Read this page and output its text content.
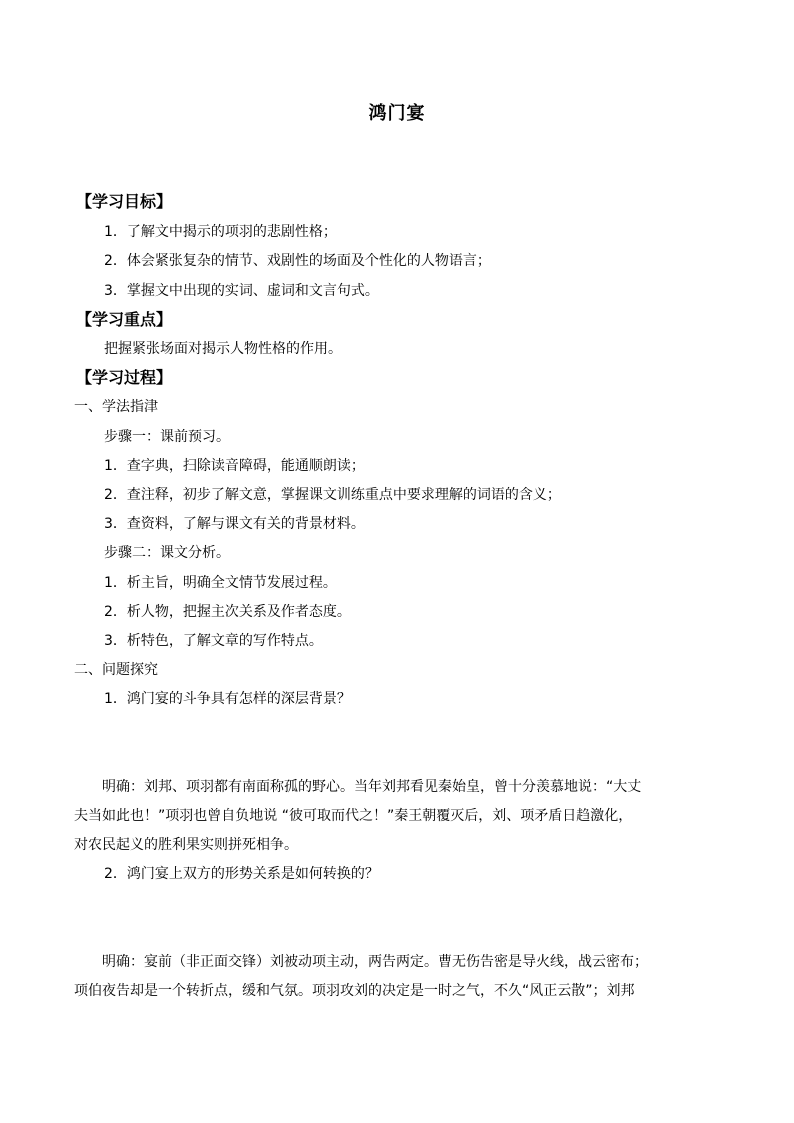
鸿门宴
【学习目标】
1．了解文中揭示的项羽的悲剧性格；
2．体会紧张复杂的情节、戏剧性的场面及个性化的人物语言；
3．掌握文中出现的实词、虚词和文言句式。
【学习重点】
把握紧张场面对揭示人物性格的作用。
【学习过程】
一、学法指津
步骤一：课前预习。
1．查字典，扫除读音障碍，能通顺朗读；
2．查注释，初步了解文意，掌握课文训练重点中要求理解的词语的含义；
3．查资料，了解与课文有关的背景材料。
步骤二：课文分析。
1．析主旨，明确全文情节发展过程。
2．析人物，把握主次关系及作者态度。
3．析特色，了解文章的写作特点。
二、问题探究
1．鸿门宴的斗争具有怎样的深层背景？
明确：刘邦、项羽都有南面称孤的野心。当年刘邦看见秦始皇，曾十分羡慕地说：“大丈
夫当如此也！”项羽也曾自负地说 “彼可取而代之！”秦王朝覆灭后，刘、项矛盾日趋激化，
对农民起义的胜利果实则拼死相争。
2．鸿门宴上双方的形势关系是如何转换的？
明确：宴前（非正面交锋）刘被动项主动，两告两定。曹无伤告密是导火线，战云密布；
项伯夜告却是一个转折点，缓和气氛。项羽攻刘的决定是一时之气，不久“风正云散”；刘邦
